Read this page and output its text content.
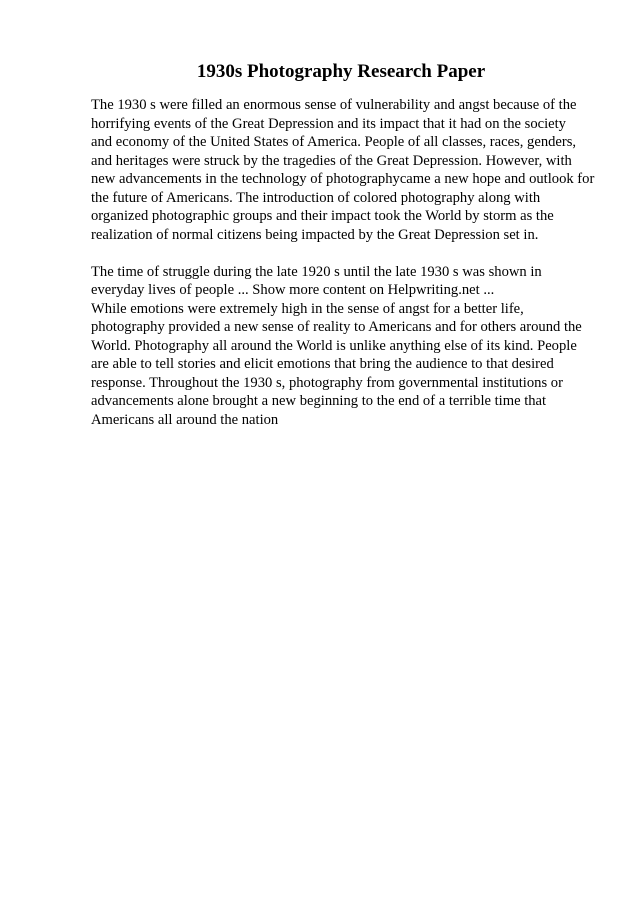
1930s Photography Research Paper
The 1930 s were filled an enormous sense of vulnerability and angst because of the
horrifying events of the Great Depression and its impact that it had on the society
and economy of the United States of America. People of all classes, races, genders,
and heritages were struck by the tragedies of the Great Depression. However, with
new advancements in the technology of photographycame a new hope and outlook for
the future of Americans. The introduction of colored photography along with
organized photographic groups and their impact took the World by storm as the
realization of normal citizens being impacted by the Great Depression set in.
The time of struggle during the late 1920 s until the late 1930 s was shown in
everyday lives of people ... Show more content on Helpwriting.net ...
While emotions were extremely high in the sense of angst for a better life,
photography provided a new sense of reality to Americans and for others around the
World. Photography all around the World is unlike anything else of its kind. People
are able to tell stories and elicit emotions that bring the audience to that desired
response. Throughout the 1930 s, photography from governmental institutions or
advancements alone brought a new beginning to the end of a terrible time that
Americans all around the nation
